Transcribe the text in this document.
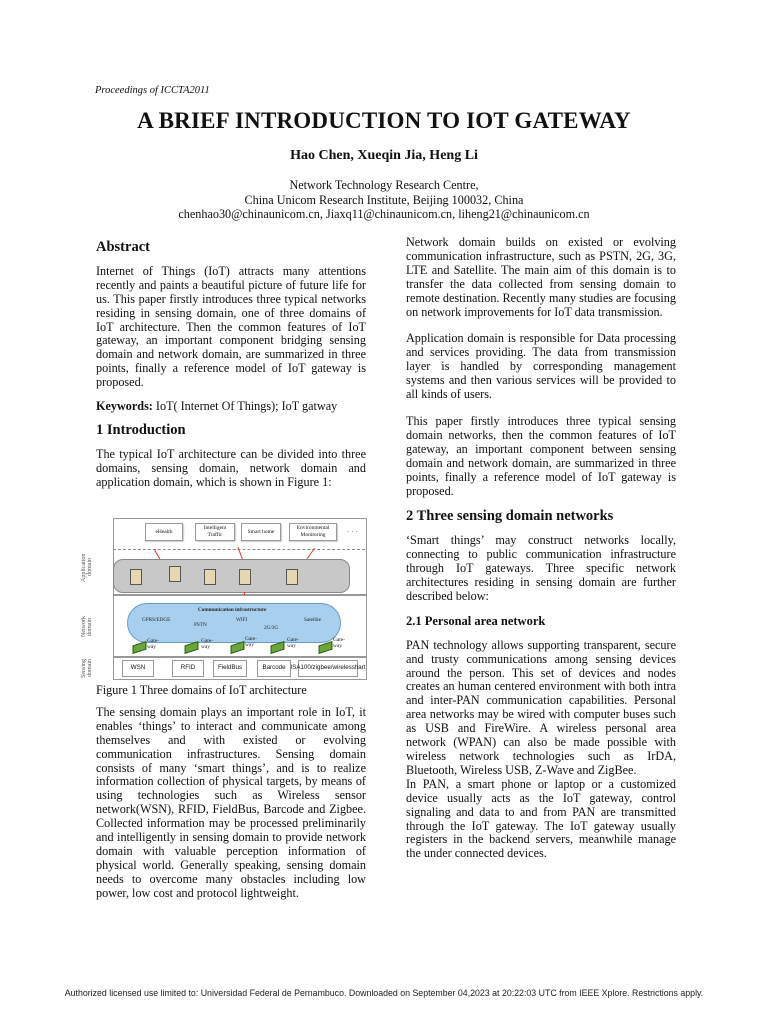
Proceedings of ICCTA2011
A BRIEF INTRODUCTION TO IOT GATEWAY
Hao Chen, Xueqin Jia, Heng Li
Network Technology Research Centre,
China Unicom Research Institute, Beijing 100032, China
chenhao30@chinaunicom.cn, Jiaxq11@chinaunicom.cn, liheng21@chinaunicom.cn

Abstract

Internet of Things (IoT) attracts many attentions recently and paints a beautiful picture of future life for us. This paper firstly introduces three typical networks residing in sensing domain, one of three domains of IoT architecture. Then the common features of IoT gateway, an important component bridging sensing domain and network domain, are summarized in three points, finally a reference model of IoT gateway is proposed.

Keywords: IoT( Internet Of Things); IoT gatway

1 Introduction

The typical IoT architecture can be divided into three domains, sensing domain, network domain and application domain, which is shown in Figure 1:

Application domain
eHealth
Intelligent Traffic
Smart home
Environmental Monitoring	· · ·
Network domain
Communication infrastructure
GPRS/EDGE
PSTN
WIFI
2G/3G
Satellite
Gate-way
Gate-way
Gate-way
Gate-way
Gate-way
Sensing domain	WSN	RFID	FieldBus	Barcode ISA100/zigbee/wirelesshart

Figure 1 Three domains of IoT architecture

The sensing domain plays an important role in IoT, it enables ‘things’ to interact and communicate among themselves and with existed or evolving communication infrastructures. Sensing domain consists of many ‘smart things’, and is to realize information collection of physical targets, by means of using technologies such as Wireless sensor network(WSN), RFID, FieldBus, Barcode and Zigbee. Collected information may be processed preliminarily and intelligently in sensing domain to provide network domain with valuable perception information of physical world. Generally speaking, sensing domain needs to overcome many obstacles including low power, low cost and protocol lightweight.

Network domain builds on existed or evolving communication infrastructure, such as PSTN, 2G, 3G, LTE and Satellite. The main aim of this domain is to transfer the data collected from sensing domain to remote destination. Recently many studies are focusing on network improvements for IoT data transmission.

Application domain is responsible for Data processing and services providing. The data from transmission layer is handled by corresponding management systems and then various services will be provided to all kinds of users.

This paper firstly introduces three typical sensing domain networks, then the common features of IoT gateway, an important component between sensing domain and network domain, are summarized in three points, finally a reference model of IoT gateway is proposed.

2 Three sensing domain networks

‘Smart things’ may construct networks locally, connecting to public communication infrastructure through IoT gateways. Three specific network architectures residing in sensing domain are further described below:

2.1 Personal area network

PAN technology allows supporting transparent, secure and trusty communications among sensing devices around the person. This set of devices and nodes creates an human centered environment with both intra and inter-PAN communication capabilities. Personal area networks may be wired with computer buses such as USB and FireWire. A wireless personal area network (WPAN) can also be made possible with wireless network technologies such as IrDA, Bluetooth, Wireless USB, Z-Wave and ZigBee.

In PAN, a smart phone or laptop or a customized device usually acts as the IoT gateway, control signaling and data to and from PAN are transmitted through the IoT gateway. The IoT gateway usually registers in the backend servers, meanwhile manage the under connected devices.

Authorized licensed use limited to: Universidad Federal de Pernambuco. Downloaded on September 04,2023 at 20:22:03 UTC from IEEE Xplore. Restrictions apply.
